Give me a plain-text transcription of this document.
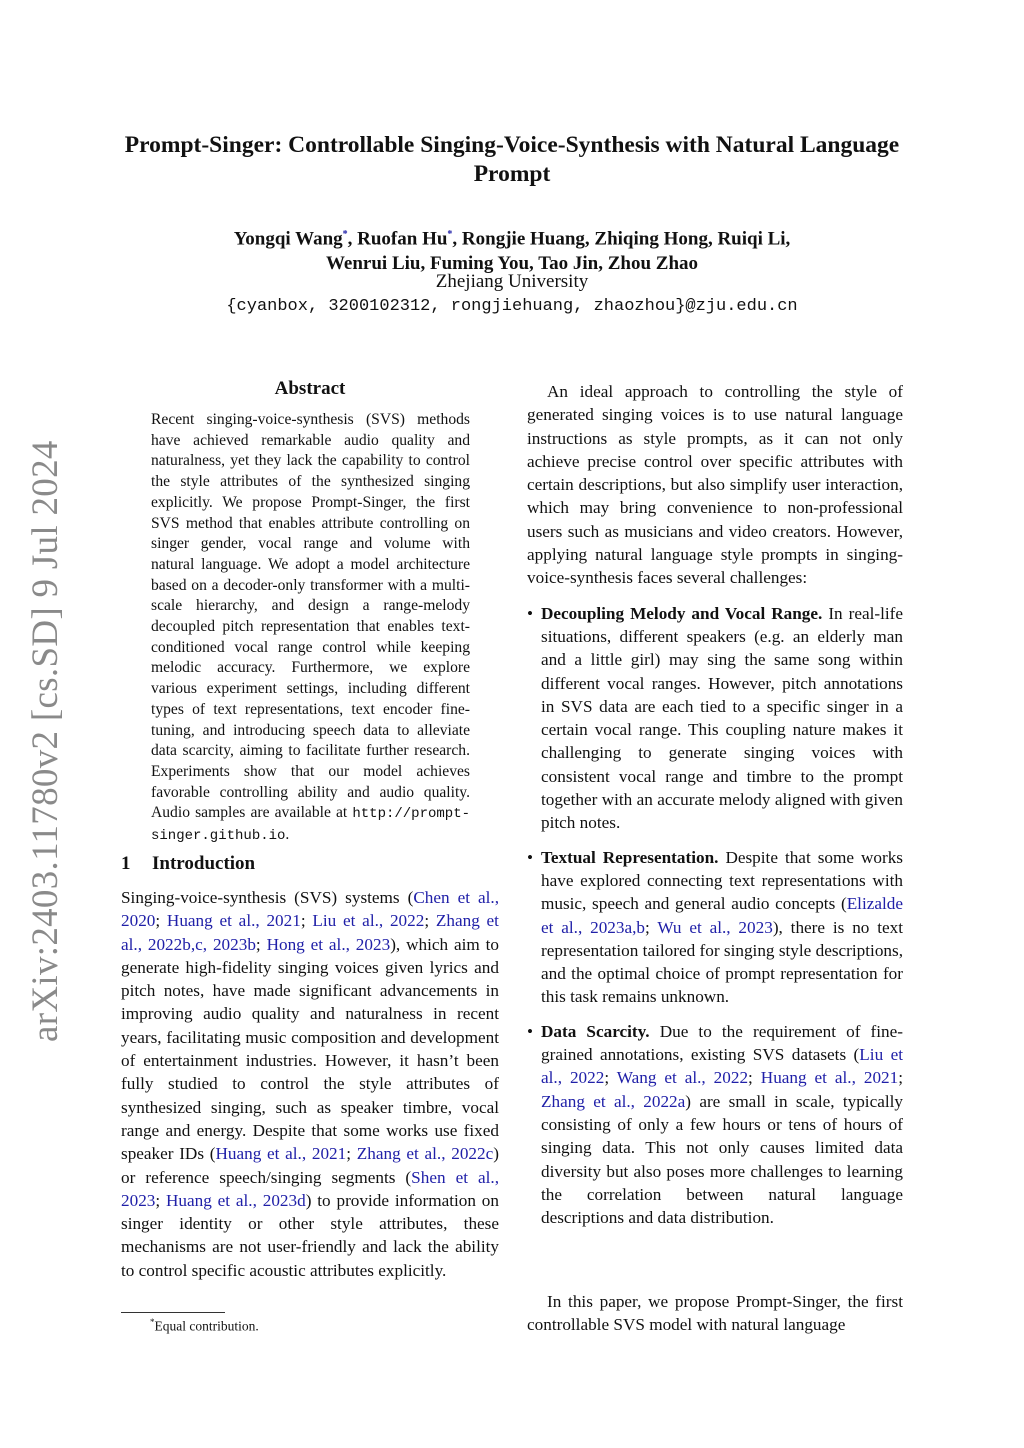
arXiv:2403.11780v2 [cs.SD] 9 Jul 2024
Prompt-Singer: Controllable Singing-Voice-Synthesis with Natural Language Prompt
Yongqi Wang*, Ruofan Hu*, Rongjie Huang, Zhiqing Hong, Ruiqi Li,
Wenrui Liu, Fuming You, Tao Jin, Zhou Zhao
Zhejiang University
{cyanbox, 3200102312, rongjiehuang, zhaozhou}@zju.edu.cn
Abstract
Recent singing-voice-synthesis (SVS) methods have achieved remarkable audio quality and naturalness, yet they lack the capability to control the style attributes of the synthesized singing explicitly. We propose Prompt-Singer, the first SVS method that enables attribute controlling on singer gender, vocal range and volume with natural language. We adopt a model architecture based on a decoder-only transformer with a multi-scale hierarchy, and design a range-melody decoupled pitch representation that enables text-conditioned vocal range control while keeping melodic accuracy. Furthermore, we explore various experiment settings, including different types of text representations, text encoder fine-tuning, and introducing speech data to alleviate data scarcity, aiming to facilitate further research. Experiments show that our model achieves favorable controlling ability and audio quality. Audio samples are available at http://prompt-singer.github.io.
1 Introduction
Singing-voice-synthesis (SVS) systems (Chen et al., 2020; Huang et al., 2021; Liu et al., 2022; Zhang et al., 2022b,c, 2023b; Hong et al., 2023), which aim to generate high-fidelity singing voices given lyrics and pitch notes, have made significant advancements in improving audio quality and naturalness in recent years, facilitating music composition and development of entertainment industries. However, it hasn’t been fully studied to control the style attributes of synthesized singing, such as speaker timbre, vocal range and energy. Despite that some works use fixed speaker IDs (Huang et al., 2021; Zhang et al., 2022c) or reference speech/singing segments (Shen et al., 2023; Huang et al., 2023d) to provide information on singer identity or other style attributes, these mechanisms are not user-friendly and lack the ability to control specific acoustic attributes explicitly.
*Equal contribution.

An ideal approach to controlling the style of generated singing voices is to use natural language instructions as style prompts, as it can not only achieve precise control over specific attributes with certain descriptions, but also simplify user interaction, which may bring convenience to non-professional users such as musicians and video creators. However, applying natural language style prompts in singing-voice-synthesis faces several challenges:

• Decoupling Melody and Vocal Range. In real-life situations, different speakers (e.g. an elderly man and a little girl) may sing the same song within different vocal ranges. However, pitch annotations in SVS data are each tied to a specific singer in a certain vocal range. This coupling nature makes it challenging to generate singing voices with consistent vocal range and timbre to the prompt together with an accurate melody aligned with given pitch notes.
• Textual Representation. Despite that some works have explored connecting text representations with music, speech and general audio concepts (Elizalde et al., 2023a,b; Wu et al., 2023), there is no text representation tailored for singing style descriptions, and the optimal choice of prompt representation for this task remains unknown.
• Data Scarcity. Due to the requirement of fine-grained annotations, existing SVS datasets (Liu et al., 2022; Wang et al., 2022; Huang et al., 2021; Zhang et al., 2022a) are small in scale, typically consisting of only a few hours or tens of hours of singing data. This not only causes limited data diversity but also poses more challenges to learning the correlation between natural language descriptions and data distribution.
In this paper, we propose Prompt-Singer, the first controllable SVS model with natural language
